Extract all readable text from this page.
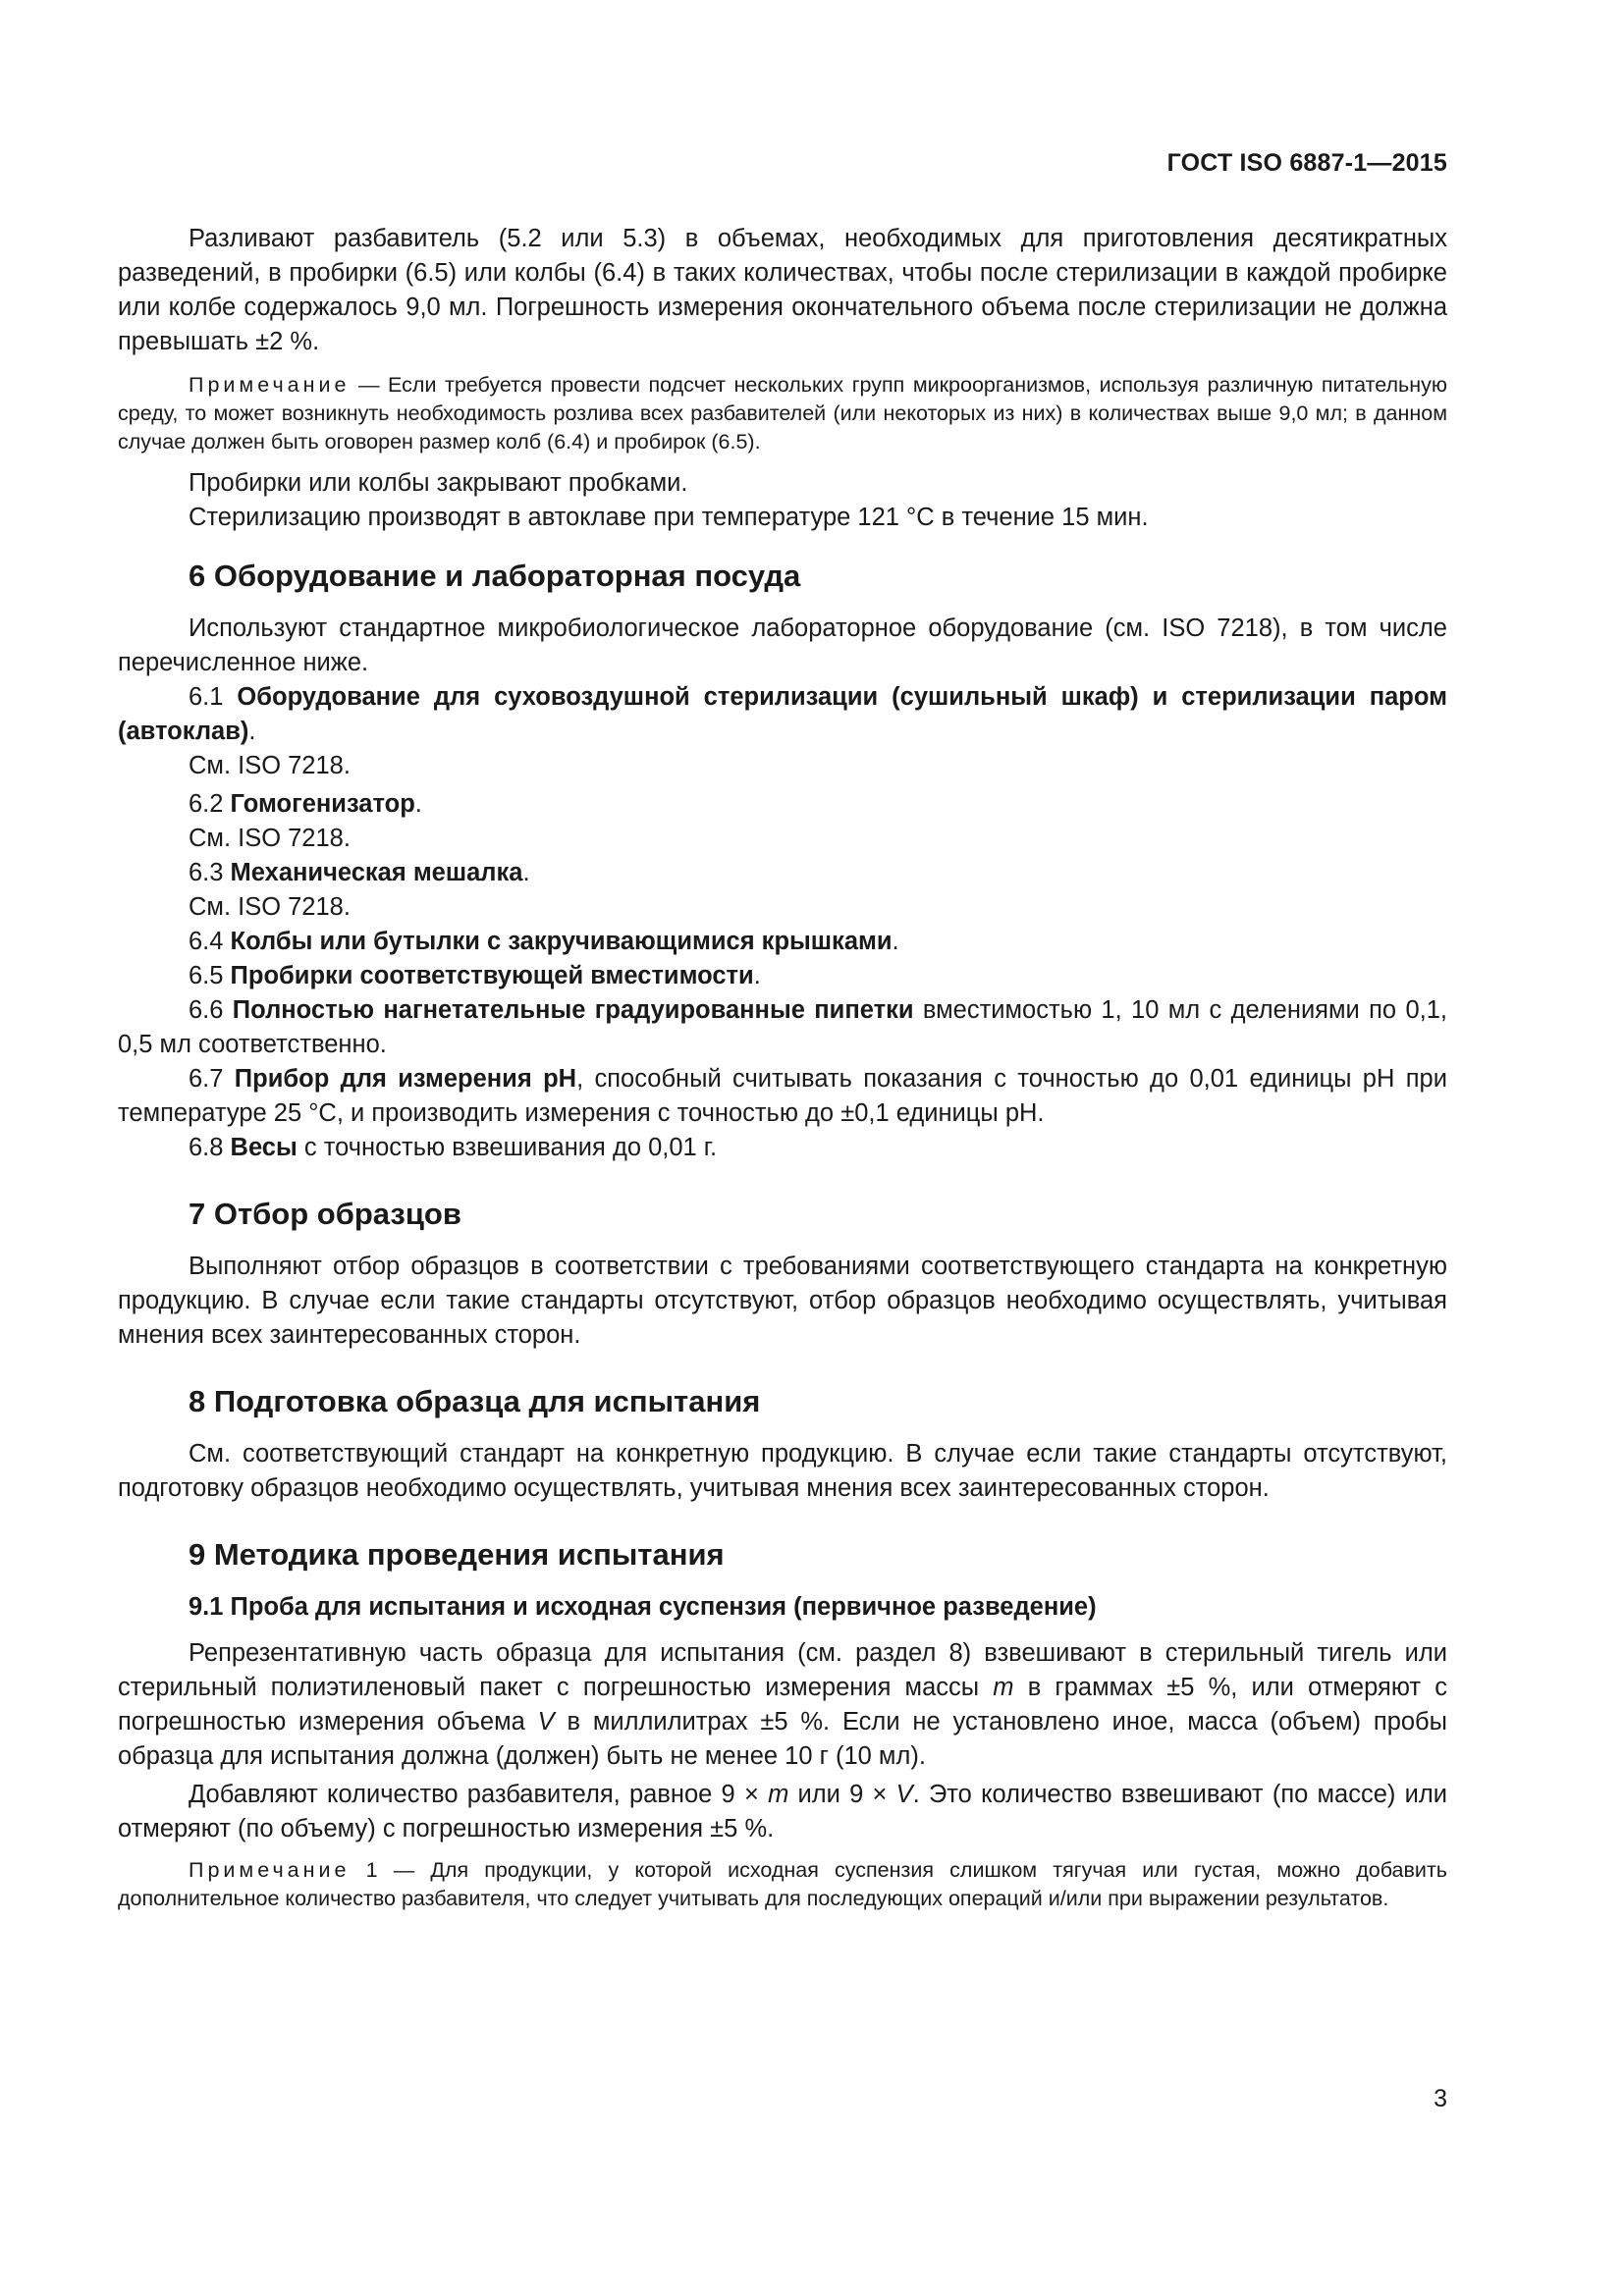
ГОСТ ISO 6887-1—2015

Разливают разбавитель (5.2 или 5.3) в объемах, необходимых для приготовления десятикратных разведений, в пробирки (6.5) или колбы (6.4) в таких количествах, чтобы после стерилизации в каждой пробирке или колбе содержалось 9,0 мл. Погрешность измерения окончательного объема после стерилизации не должна превышать ±2 %.

Примечание — Если требуется провести подсчет нескольких групп микроорганизмов, используя различную питательную среду, то может возникнуть необходимость розлива всех разбавителей (или некоторых из них) в количествах выше 9,0 мл; в данном случае должен быть оговорен размер колб (6.4) и пробирок (6.5).

Пробирки или колбы закрывают пробками.

Стерилизацию производят в автоклаве при температуре 121 °С в течение 15 мин.

6 Оборудование и лабораторная посуда

Используют стандартное микробиологическое лабораторное оборудование (см. ISO 7218), в том числе перечисленное ниже.

6.1 Оборудование для суховоздушной стерилизации (сушильный шкаф) и стерилизации паром (автоклав).

См. ISO 7218.

6.2 Гомогенизатор.

См. ISO 7218.

6.3 Механическая мешалка.

См. ISO 7218.

6.4 Колбы или бутылки с закручивающимися крышками.

6.5 Пробирки соответствующей вместимости.

6.6 Полностью нагнетательные градуированные пипетки вместимостью 1, 10 мл с делениями по 0,1, 0,5 мл соответственно.

6.7 Прибор для измерения pH, способный считывать показания с точностью до 0,01 единицы pH при температуре 25 °С, и производить измерения с точностью до ±0,1 единицы pH.

6.8 Весы с точностью взвешивания до 0,01 г.

7 Отбор образцов

Выполняют отбор образцов в соответствии с требованиями соответствующего стандарта на конкретную продукцию. В случае если такие стандарты отсутствуют, отбор образцов необходимо осуществлять, учитывая мнения всех заинтересованных сторон.

8 Подготовка образца для испытания

См. соответствующий стандарт на конкретную продукцию. В случае если такие стандарты отсутствуют, подготовку образцов необходимо осуществлять, учитывая мнения всех заинтересованных сторон.

9 Методика проведения испытания
9.1 Проба для испытания и исходная суспензия (первичное разведение)

Репрезентативную часть образца для испытания (см. раздел 8) взвешивают в стерильный тигель или стерильный полиэтиленовый пакет с погрешностью измерения массы m в граммах ±5 %, или отмеряют с погрешностью измерения объема V в миллилитрах ±5 %. Если не установлено иное, масса (объем) пробы образца для испытания должна (должен) быть не менее 10 г (10 мл).

Добавляют количество разбавителя, равное 9 × m или 9 × V. Это количество взвешивают (по массе) или отмеряют (по объему) с погрешностью измерения ±5 %.

Примечание 1 — Для продукции, у которой исходная суспензия слишком тягучая или густая, можно добавить дополнительное количество разбавителя, что следует учитывать для последующих операций и/или при выражении результатов.

3
